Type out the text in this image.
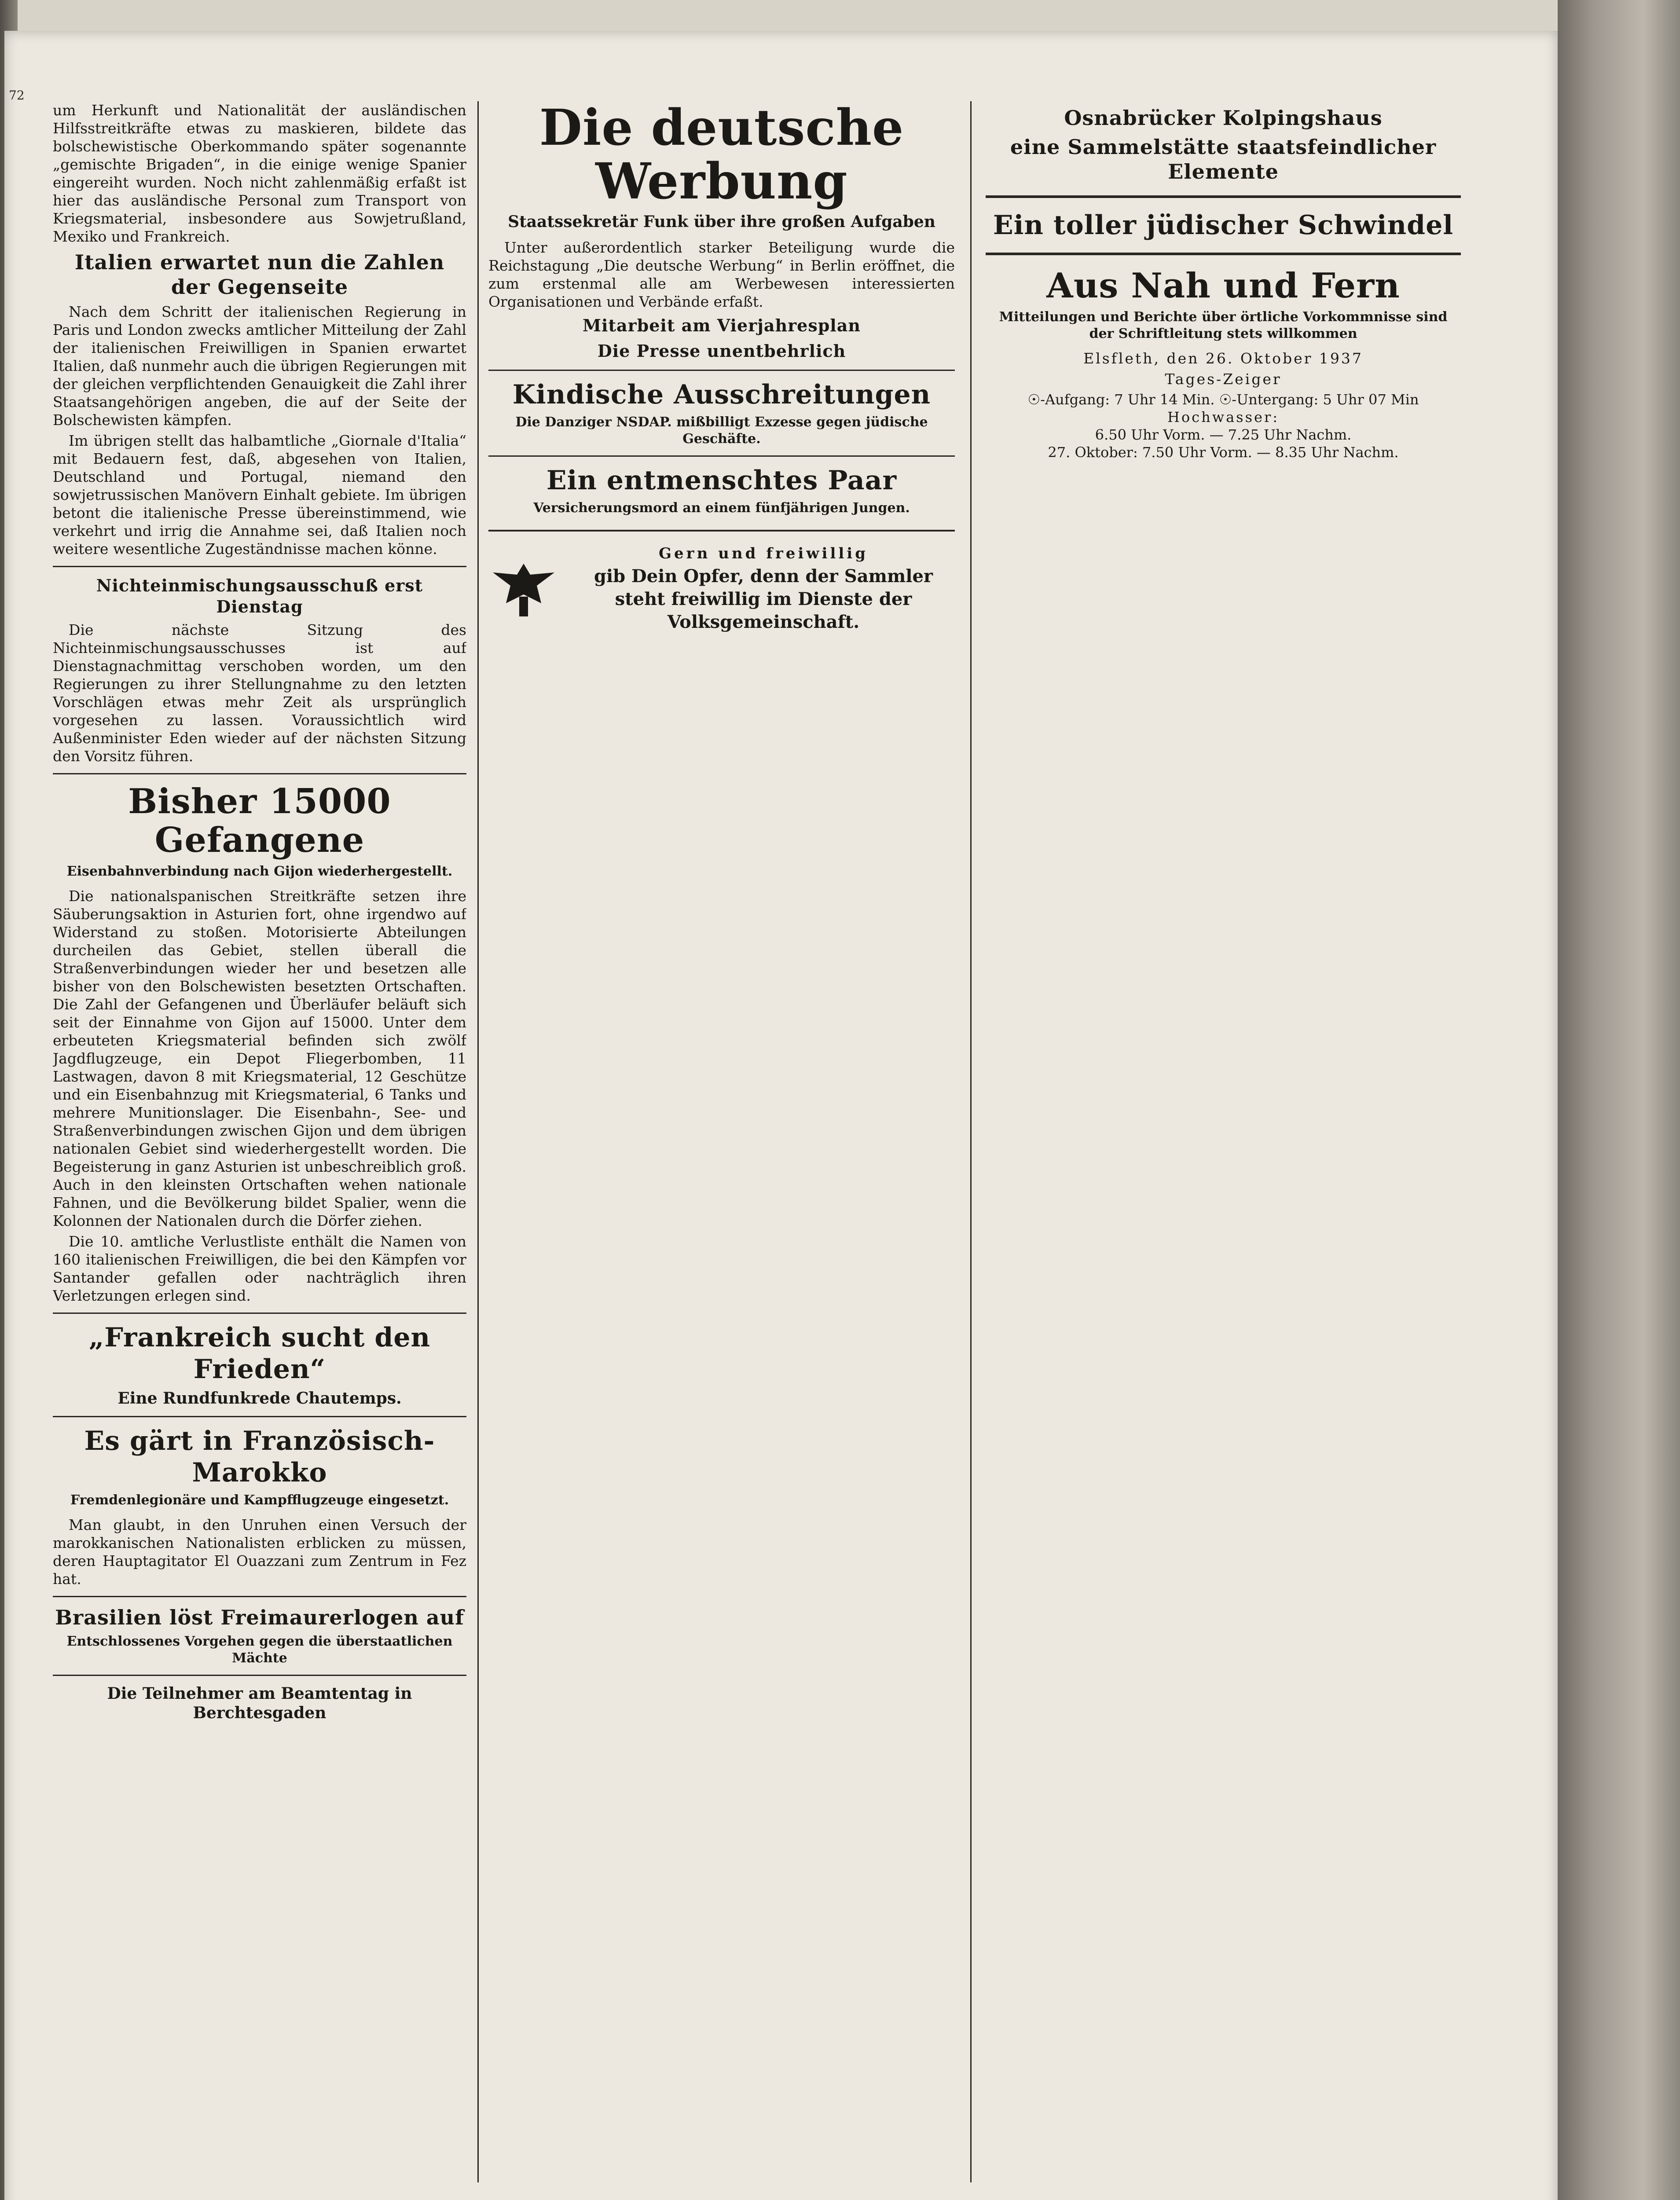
72

um Herkunft und Nationalität der ausländischen Hilfsstreitkräfte etwas zu maskieren, bildete das bolschewistische Oberkommando später sogenannte „gemischte Brigaden“, in die einige wenige Spanier eingereiht wurden. Noch nicht zahlenmäßig erfaßt ist hier das ausländische Personal zum Transport von Kriegsmaterial, insbesondere aus Sowjetrußland, Mexiko und Frankreich.

Italien erwartet nun die Zahlen der Gegenseite

Nach dem Schritt der italienischen Regierung in Paris und London zwecks amtlicher Mitteilung der Zahl der italienischen Freiwilligen in Spanien erwartet Italien, daß nunmehr auch die übrigen Regierungen mit der gleichen verpflichtenden Genauigkeit die Zahl ihrer Staatsangehörigen angeben, die auf der Seite der Bolschewisten kämpfen.

Im übrigen stellt das halbamtliche „Giornale d'Italia“ mit Bedauern fest, daß, abgesehen von Italien, Deutschland und Portugal, niemand den sowjetrussischen Manövern Einhalt gebiete. Im übrigen betont die italienische Presse übereinstimmend, wie verkehrt und irrig die Annahme sei, daß Italien noch weitere wesentliche Zugeständnisse machen könne.

Nichteinmischungsausschuß erst Dienstag

Die nächste Sitzung des Nichteinmischungsausschusses ist auf Dienstagnachmittag verschoben worden, um den Regierungen zu ihrer Stellungnahme zu den letzten Vorschlägen etwas mehr Zeit als ursprünglich vorgesehen zu lassen. Voraussichtlich wird Außenminister Eden wieder auf der nächsten Sitzung den Vorsitz führen.

Bisher 15000 Gefangene
Eisenbahnverbindung nach Gijon wiederhergestellt.

Die nationalspanischen Streitkräfte setzen ihre Säuberungsaktion in Asturien fort, ohne irgendwo auf Widerstand zu stoßen. Motorisierte Abteilungen durcheilen das Gebiet, stellen überall die Straßenverbindungen wieder her und besetzen alle bisher von den Bolschewisten besetzten Ortschaften. Die Zahl der Gefangenen und Überläufer beläuft sich seit der Einnahme von Gijon auf 15000. Unter dem erbeuteten Kriegsmaterial befinden sich zwölf Jagdflugzeuge, ein Depot Fliegerbomben, 11 Lastwagen, davon 8 mit Kriegsmaterial, 12 Geschütze und ein Eisenbahnzug mit Kriegsmaterial, 6 Tanks und mehrere Munitionslager. Die Eisenbahn-, See- und Straßenverbindungen zwischen Gijon und dem übrigen nationalen Gebiet sind wiederhergestellt worden. Die Begeisterung in ganz Asturien ist unbeschreiblich groß. Auch in den kleinsten Ortschaften wehen nationale Fahnen, und die Bevölkerung bildet Spalier, wenn die Kolonnen der Nationalen durch die Dörfer ziehen.

Die 10. amtliche Verlustliste enthält die Namen von 160 italienischen Freiwilligen, die bei den Kämpfen vor Santander gefallen oder nachträglich ihren Verletzungen erlegen sind.

„Frankreich sucht den Frieden“
Eine Rundfunkrede Chautemps.
Es gärt in Französisch-Marokko
Fremdenlegionäre und Kampfflugzeuge eingesetzt.

Man glaubt, in den Unruhen einen Versuch der marokkanischen Nationalisten erblicken zu müssen, deren Hauptagitator El Ouazzani zum Zentrum in Fez hat.

Brasilien löst Freimaurerlogen auf
Entschlossenes Vorgehen gegen die überstaatlichen Mächte
Die Teilnehmer am Beamtentag in Berchtesgaden
Die deutsche Werbung
Staatssekretär Funk über ihre großen Aufgaben

Unter außerordentlich starker Beteiligung wurde die Reichstagung „Die deutsche Werbung“ in Berlin eröffnet, die zum erstenmal alle am Werbewesen interessierten Organisationen und Verbände erfaßt.

Mitarbeit am Vierjahresplan
Die Presse unentbehrlich
Kindische Ausschreitungen
Die Danziger NSDAP. mißbilligt Exzesse gegen jüdische Geschäfte.
Ein entmenschtes Paar
Versicherungsmord an einem fünfjährigen Jungen.
Gern und freiwillig
gib Dein Opfer, denn der Sammler steht freiwillig im Dienste der Volksgemeinschaft.
Osnabrücker Kolpingshaus
eine Sammelstätte staatsfeindlicher Elemente
Ein toller jüdischer Schwindel
Aus Nah und Fern
Mitteilungen und Berichte über örtliche Vorkommnisse sind der Schriftleitung stets willkommen

Elsfleth, den 26. Oktober 1937

Tages-Zeiger

☉-Aufgang: 7 Uhr 14 Min. ☉-Untergang: 5 Uhr 07 Min

Hochwasser:

6.50 Uhr Vorm. — 7.25 Uhr Nachm.

27. Oktober: 7.50 Uhr Vorm. — 8.35 Uhr Nachm.
